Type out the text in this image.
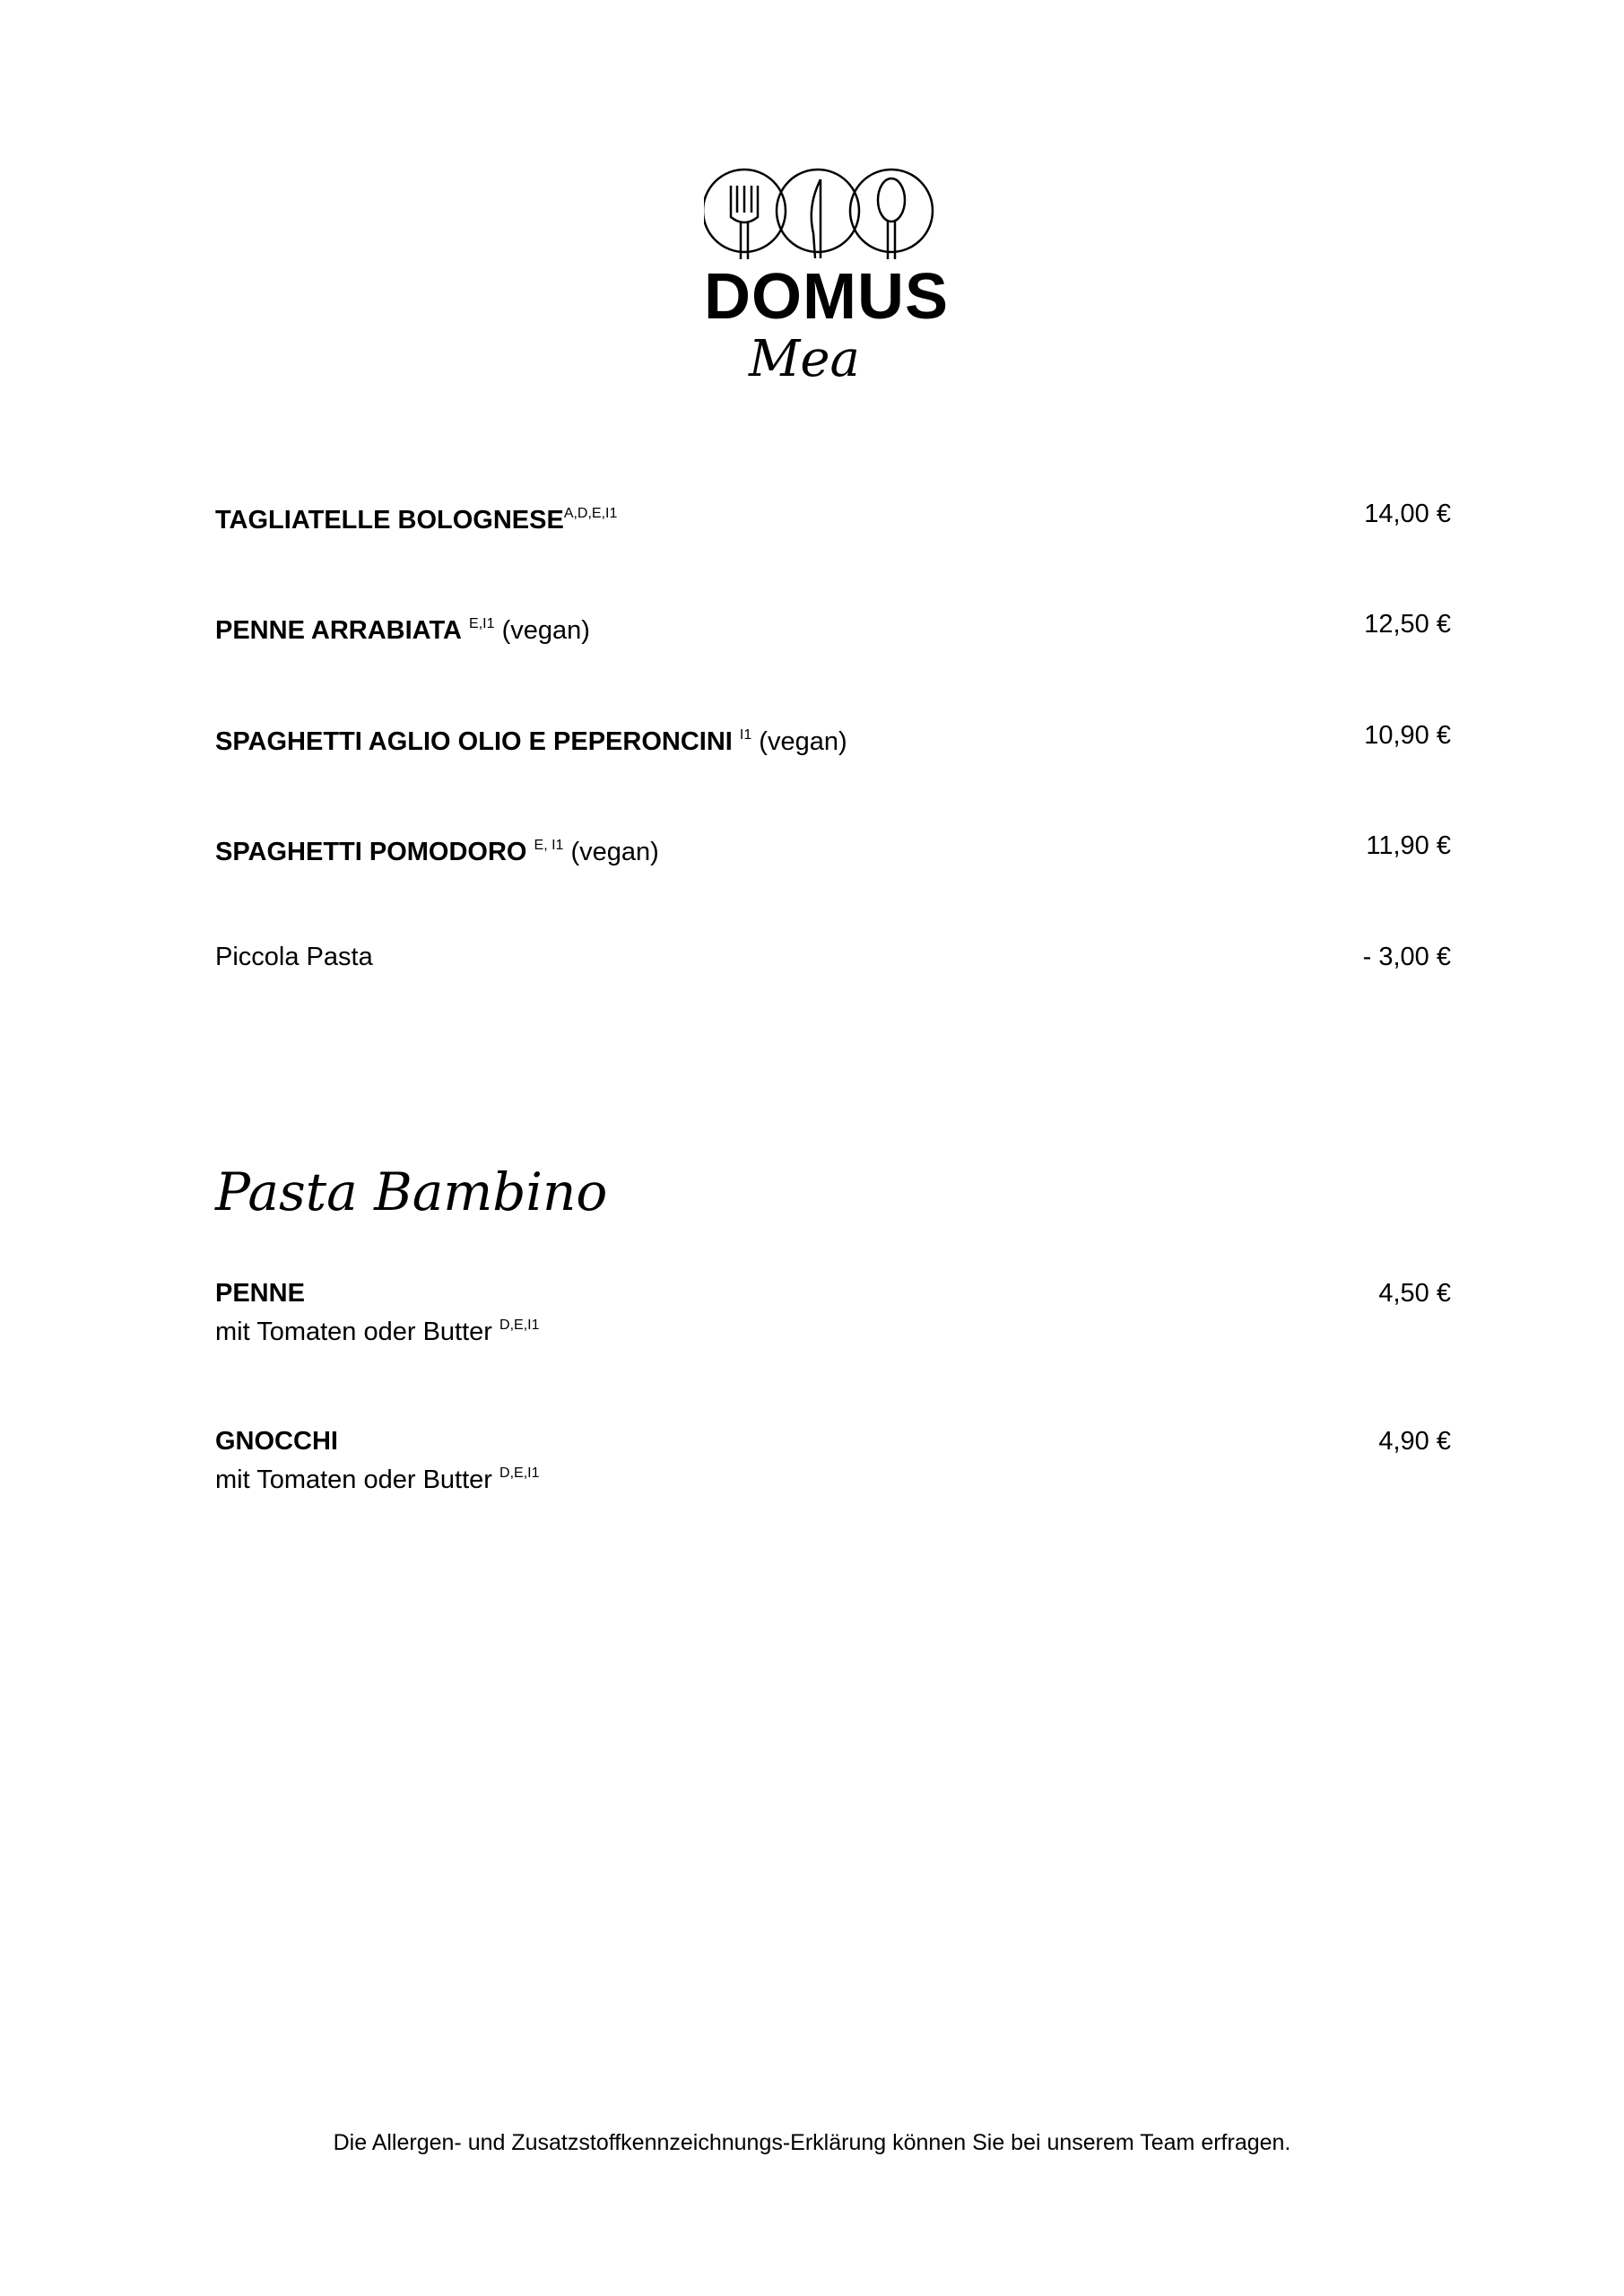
DOMUS
Mea
TAGLIATELLE $BOLOGNESE^{A,D,E,I1}$	14,00 €
PENNE ARRABIATA $^{E,I1}$ (vegan)	12,50 €
SPAGHETTI AGLIO OLIO E PEPERONCINI $^{I1}$ (vegan)	10,90 €
SPAGHETTI POMODORO $^{E, I1}$ (vegan)	11,90 €
Piccola Pasta	- 3,00 €
Pasta Bambino
PENNE
mit Tomaten oder Butter $^{D,E,I1}$
4,50 €
GNOCCHI
mit Tomaten oder Butter $^{D,E,I1}$
4,90 €
Die Allergen- und Zusatzstoffkennzeichnungs-Erklärung können Sie bei unserem Team erfragen.
